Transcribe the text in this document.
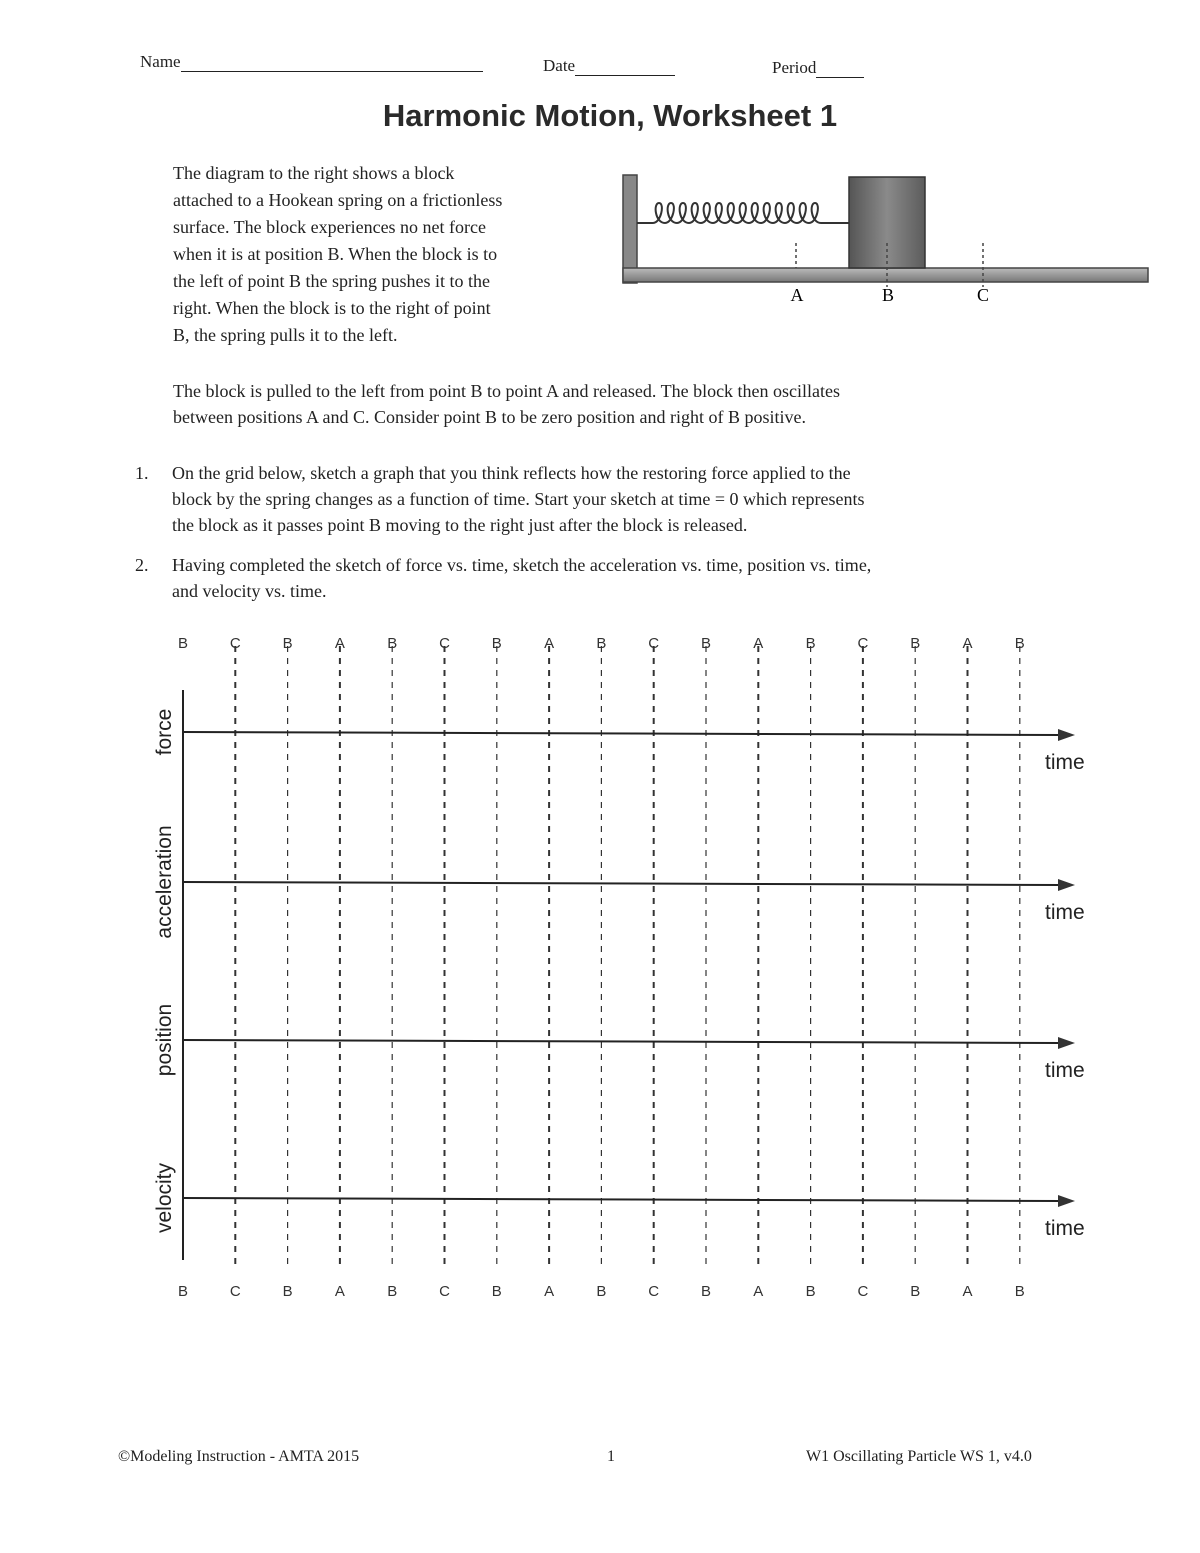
Name	Date	Period
Harmonic Motion, Worksheet 1
The diagram to the right shows a block
attached to a Hookean spring on a frictionless
surface. The block experiences no net force
when it is at position B. When the block is to
the left of point B the spring pushes it to the
right. When the block is to the right of point
B, the spring pulls it to the left.
A	B	C
The block is pulled to the left from point B to point A and released. The block then oscillates
between positions A and C. Consider point B to be zero position and right of B positive.
1. On the grid below, sketch a graph that you think reflects how the restoring force applied to the
block by the spring changes as a function of time. Start your sketch at time = 0 which represents
the block as it passes point B moving to the right just after the block is released.
2. Having completed the sketch of force vs. time, sketch the acceleration vs. time, position vs. time,
and velocity vs. time.
B
B
C
C
B
B
A
A
B
B
C
C
B
B
A
A
B
B
C
C
B
B
A
A
B
B
C
C
B
B
A
A
B
B
time
force
time
acceleration
time
position
time
velocity
©Modeling Instruction - AMTA 2015	1	W1 Oscillating Particle WS 1, v4.0
